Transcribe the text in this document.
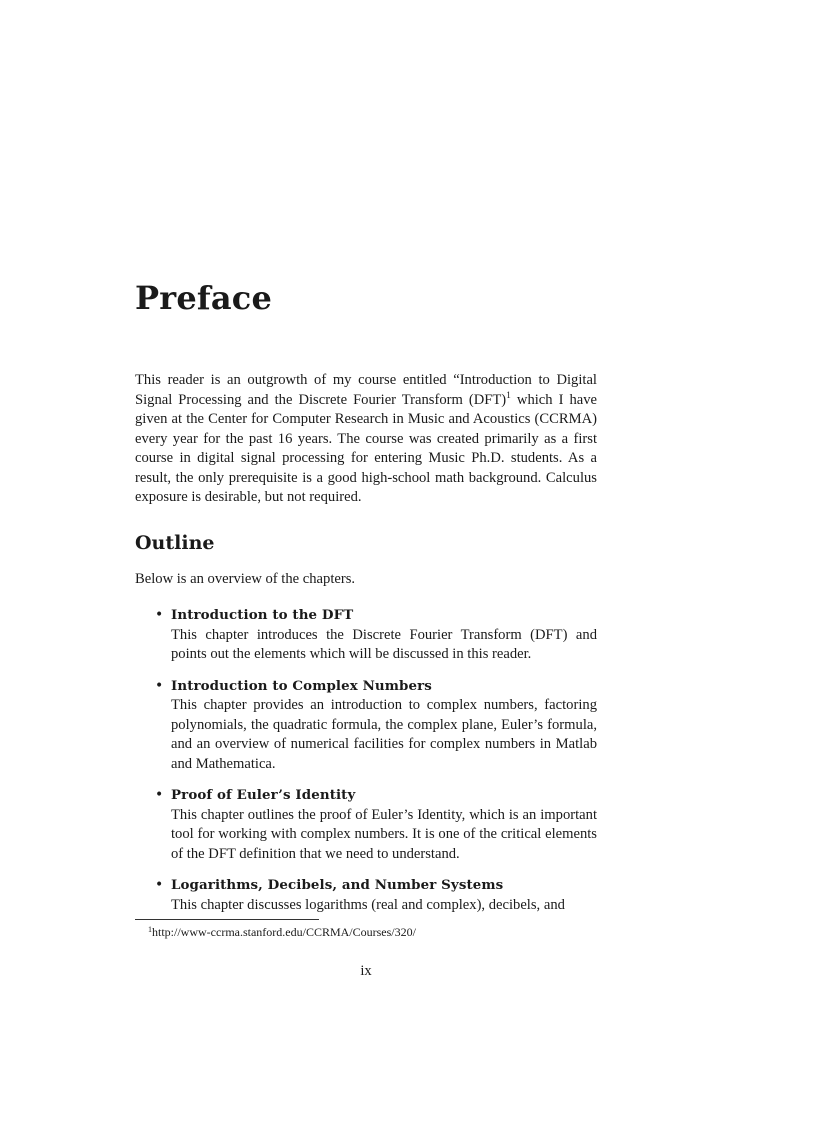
Preface

This reader is an outgrowth of my course entitled “Introduction to Digital Signal Processing and the Discrete Fourier Transform (DFT)$^1$ which I have given at the Center for Computer Research in Music and Acoustics (CCRMA) every year for the past 16 years. The course was created primarily as a first course in digital signal processing for entering Music Ph.D. students. As a result, the only prerequisite is a good high-school math background. Calculus exposure is desirable, but not required.

Outline

Below is an overview of the chapters.

• Introduction to the DFT
This chapter introduces the Discrete Fourier Transform (DFT) and points out the elements which will be discussed in this reader.
• Introduction to Complex Numbers
This chapter provides an introduction to complex numbers, factoring polynomials, the quadratic formula, the complex plane, Euler’s formula, and an overview of numerical facilities for complex numbers in Matlab and Mathematica.
• Proof of Euler’s Identity
This chapter outlines the proof of Euler’s Identity, which is an important tool for working with complex numbers. It is one of the critical elements of the DFT definition that we need to understand.
• Logarithms, Decibels, and Number Systems
This chapter discusses logarithms (real and complex), decibels, and

$^1$http://www-ccrma.stanford.edu/CCRMA/Courses/320/

ix
